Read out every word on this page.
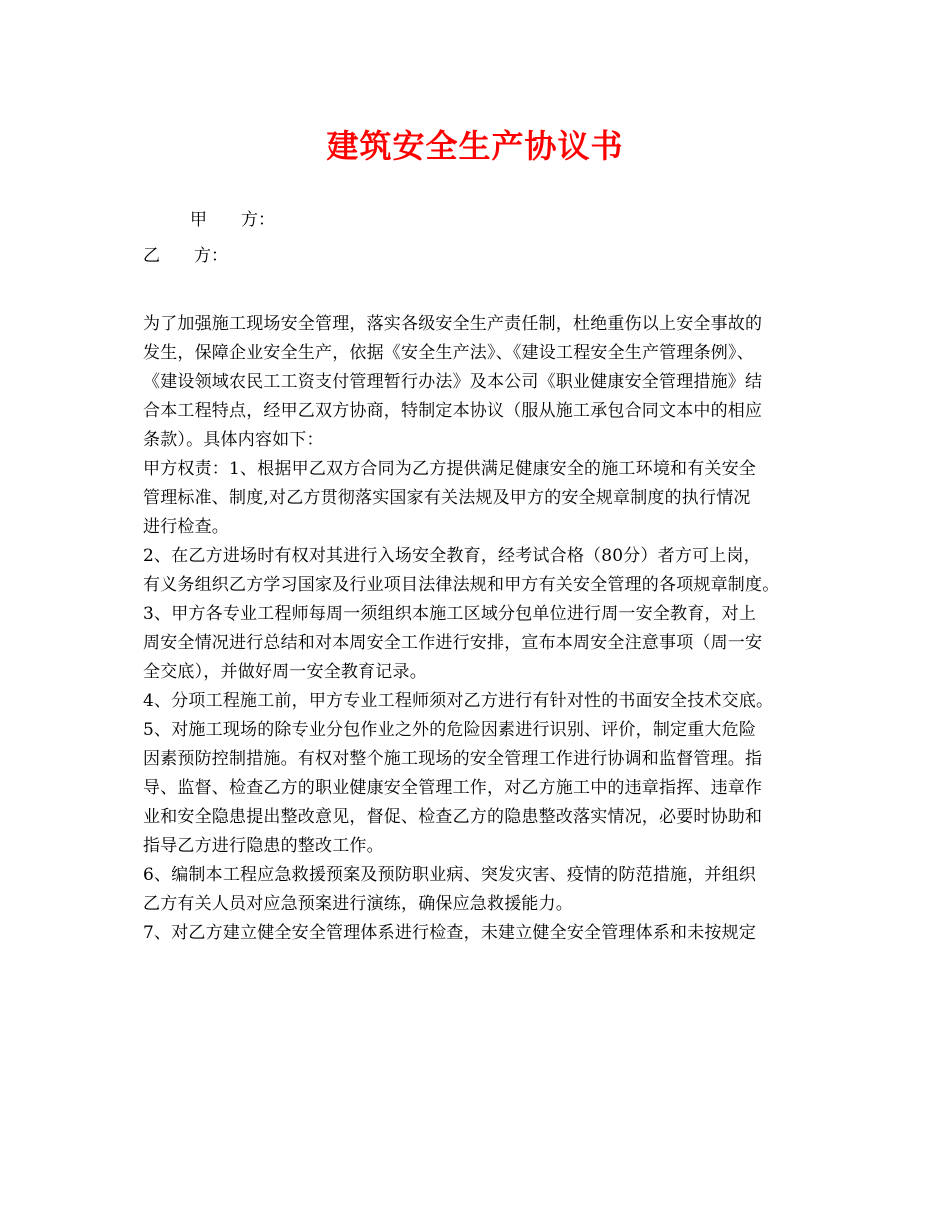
建筑安全生产协议书
甲　　方：
乙　　方：
为了加强施工现场安全管理，落实各级安全生产责任制，杜绝重伤以上安全事故的
发生，保障企业安全生产，依据《安全生产法》、《建设工程安全生产管理条例》、
《建设领域农民工工资支付管理暂行办法》及本公司《职业健康安全管理措施》结
合本工程特点，经甲乙双方协商，特制定本协议（服从施工承包合同文本中的相应
条款）。具体内容如下：
甲方权责：1、根据甲乙双方合同为乙方提供满足健康安全的施工环境和有关安全
管理标准、制度,对乙方贯彻落实国家有关法规及甲方的安全规章制度的执行情况
进行检查。
2、在乙方进场时有权对其进行入场安全教育，经考试合格（80分）者方可上岗，
有义务组织乙方学习国家及行业项目法律法规和甲方有关安全管理的各项规章制度。
3、甲方各专业工程师每周一须组织本施工区域分包单位进行周一安全教育，对上
周安全情况进行总结和对本周安全工作进行安排，宣布本周安全注意事项（周一安
全交底），并做好周一安全教育记录。
4、分项工程施工前，甲方专业工程师须对乙方进行有针对性的书面安全技术交底。
5、对施工现场的除专业分包作业之外的危险因素进行识别、评价，制定重大危险
因素预防控制措施。有权对整个施工现场的安全管理工作进行协调和监督管理。指
导、监督、检查乙方的职业健康安全管理工作，对乙方施工中的违章指挥、违章作
业和安全隐患提出整改意见，督促、检查乙方的隐患整改落实情况，必要时协助和
指导乙方进行隐患的整改工作。
6、编制本工程应急救援预案及预防职业病、突发灾害、疫情的防范措施，并组织
乙方有关人员对应急预案进行演练，确保应急救援能力。
7、对乙方建立健全安全管理体系进行检查，未建立健全安全管理体系和未按规定
